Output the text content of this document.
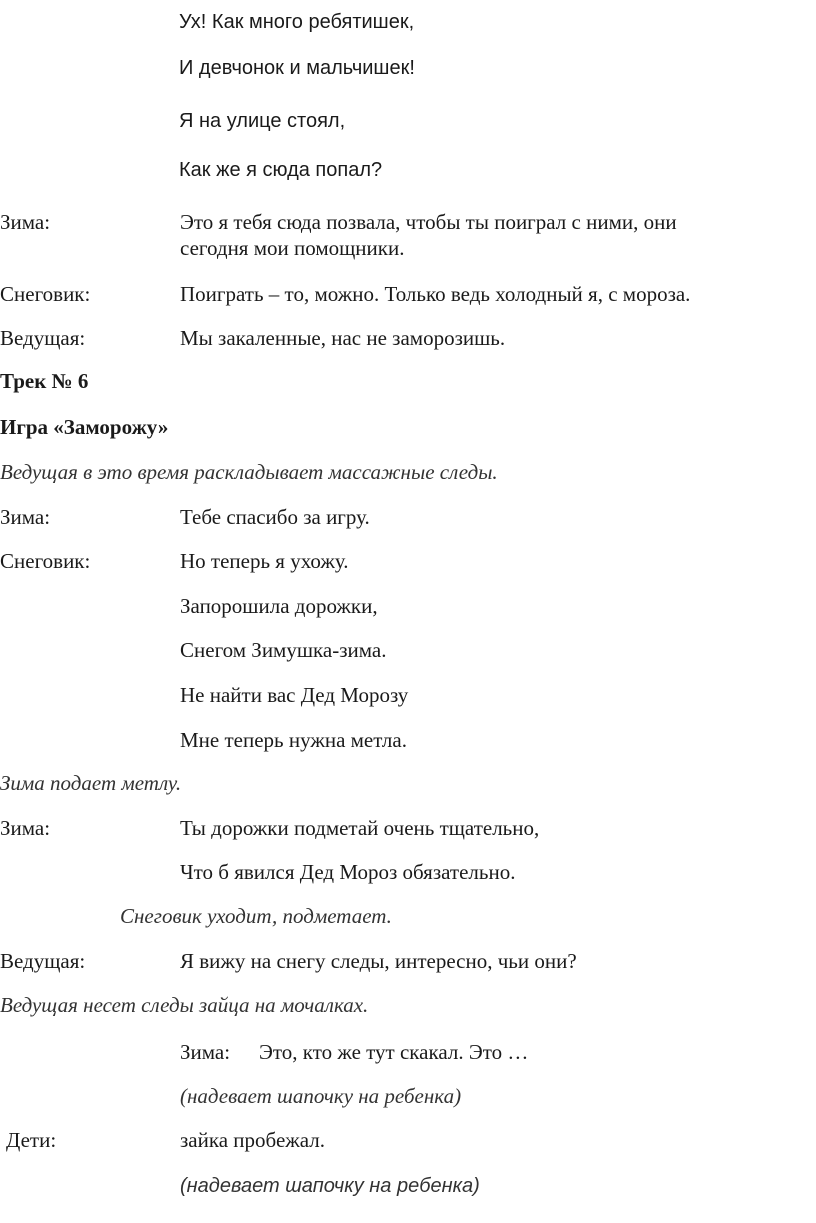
Ух! Как много ребятишек,
И девчонок и мальчишек!
Я на улице стоял,
Как же я сюда попал?
Зима:	Это я тебя сюда позвала, чтобы ты поиграл с ними, они
сегодня мои помощники.
Снеговик:	Поиграть – то, можно. Только ведь холодный я, с мороза.
Ведущая:	Мы закаленные, нас не заморозишь.
Трек № 6
Игра «Заморожу»
Ведущая в это время раскладывает массажные следы.
Зима:	Тебе спасибо за игру.
Снеговик:	Но теперь я ухожу.
Запорошила дорожки,
Снегом Зимушка-зима.
Не найти вас Дед Морозу
Мне теперь нужна метла.
Зима подает метлу.
Зима:	Ты дорожки подметай очень тщательно,
Что б явился Дед Мороз обязательно.
Снеговик уходит, подметает.
Ведущая:	Я вижу на снегу следы, интересно, чьи они?
Ведущая несет следы зайца на мочалках.
Зима: Это, кто же тут скакал. Это …
(надевает шапочку на ребенка)
Дети:	зайка пробежал.
(надевает шапочку на ребенка)
